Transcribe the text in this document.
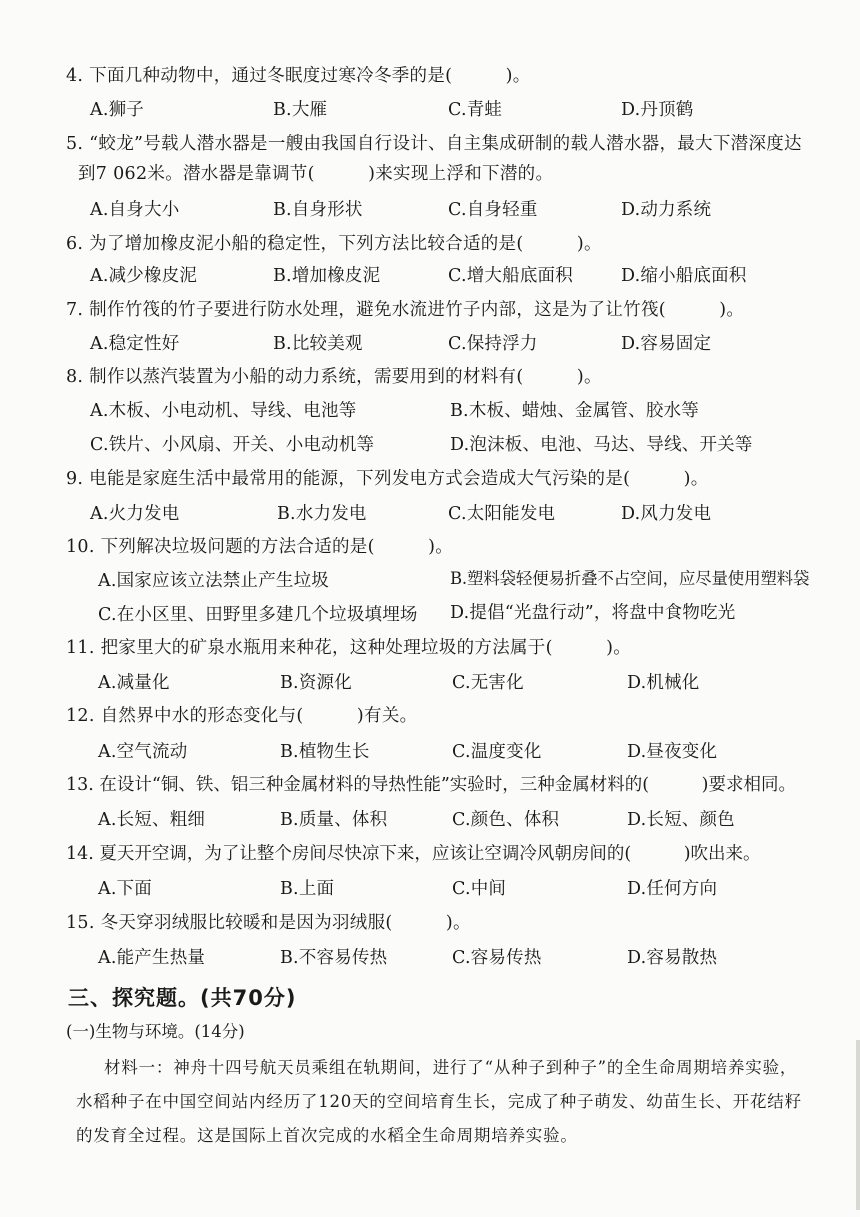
4. 下面几种动物中，通过冬眠度过寒冷冬季的是(　　　)。
A.狮子	B.大雁	C.青蛙	D.丹顶鹤
5. “蛟龙”号载人潜水器是一艘由我国自行设计、自主集成研制的载人潜水器，最大下潜深度达
到7 062米。潜水器是靠调节(　　　)来实现上浮和下潜的。
A.自身大小	B.自身形状	C.自身轻重	D.动力系统
6. 为了增加橡皮泥小船的稳定性，下列方法比较合适的是(　　　)。
A.减少橡皮泥	B.增加橡皮泥	C.增大船底面积	D.缩小船底面积
7. 制作竹筏的竹子要进行防水处理，避免水流进竹子内部，这是为了让竹筏(　　　)。
A.稳定性好	B.比较美观	C.保持浮力	D.容易固定
8. 制作以蒸汽装置为小船的动力系统，需要用到的材料有(　　　)。
A.木板、小电动机、导线、电池等	B.木板、蜡烛、金属管、胶水等
C.铁片、小风扇、开关、小电动机等	D.泡沫板、电池、马达、导线、开关等
9. 电能是家庭生活中最常用的能源，下列发电方式会造成大气污染的是(　　　)。
A.火力发电	B.水力发电	C.太阳能发电	D.风力发电
10. 下列解决垃圾问题的方法合适的是(　　　)。
A.国家应该立法禁止产生垃圾	B.塑料袋轻便易折叠不占空间，应尽量使用塑料袋
C.在小区里、田野里多建几个垃圾填埋场 D.提倡“光盘行动”，将盘中食物吃光
11. 把家里大的矿泉水瓶用来种花，这种处理垃圾的方法属于(　　　)。
A.减量化	B.资源化	C.无害化	D.机械化
12. 自然界中水的形态变化与(　　　)有关。
A.空气流动	B.植物生长	C.温度变化	D.昼夜变化
13. 在设计“铜、铁、铝三种金属材料的导热性能”实验时，三种金属材料的(　　　)要求相同。
A.长短、粗细	B.质量、体积	C.颜色、体积	D.长短、颜色
14. 夏天开空调，为了让整个房间尽快凉下来，应该让空调冷风朝房间的(　　　)吹出来。
A.下面	B.上面	C.中间	D.任何方向
15. 冬天穿羽绒服比较暖和是因为羽绒服(　　　)。
A.能产生热量	B.不容易传热	C.容易传热	D.容易散热
三、探究题。(共70分)
(一)生物与环境。(14分)
材料一：神舟十四号航天员乘组在轨期间，进行了“从种子到种子”的全生命周期培养实验，
水稻种子在中国空间站内经历了120天的空间培育生长，完成了种子萌发、幼苗生长、开花结籽
的发育全过程。这是国际上首次完成的水稻全生命周期培养实验。
